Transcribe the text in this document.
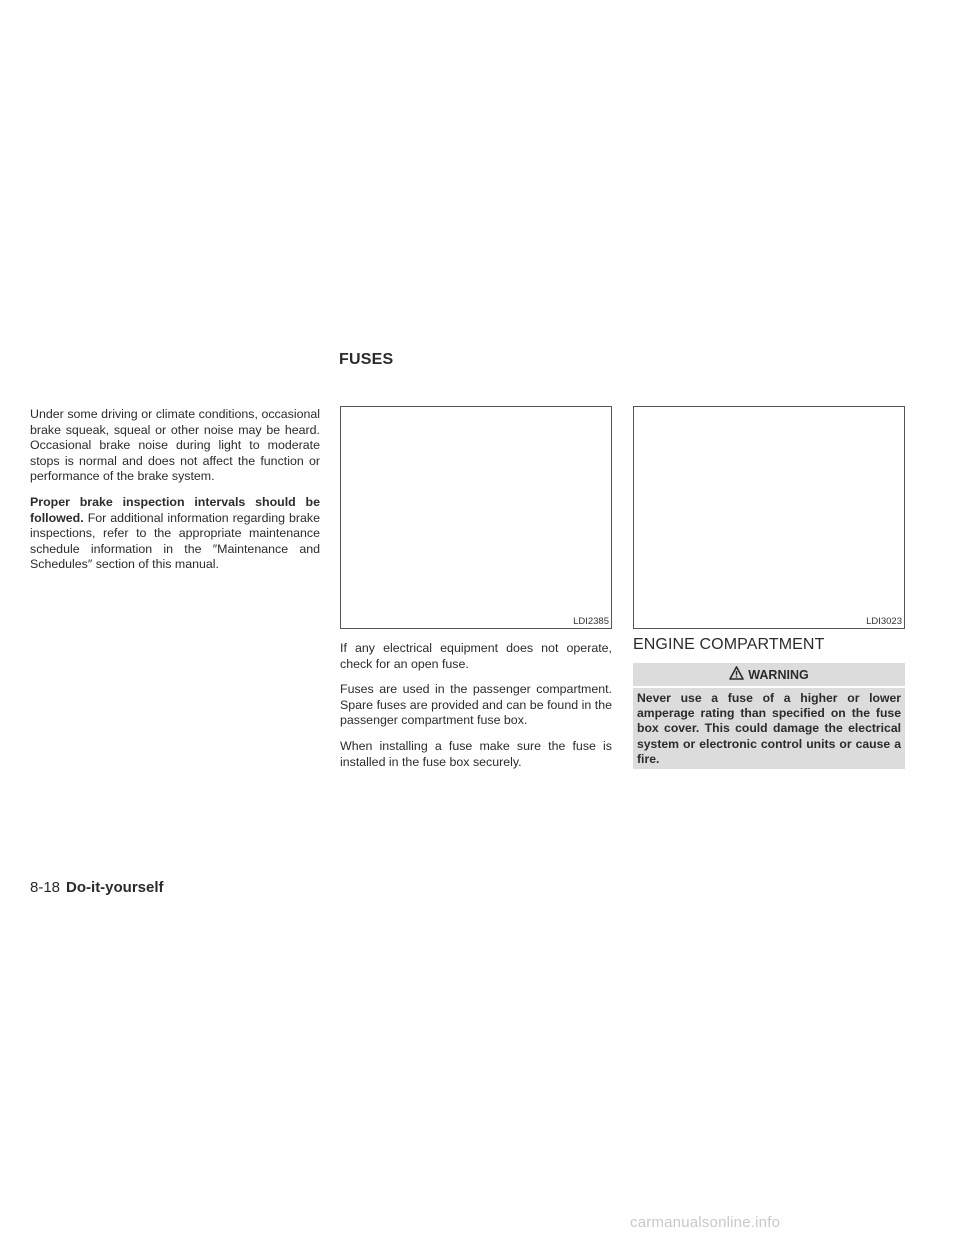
FUSES

Under some driving or climate conditions, occasional brake squeak, squeal or other noise may be heard. Occasional brake noise during light to moderate stops is normal and does not affect the function or performance of the brake system.

Proper brake inspection intervals should be followed. For additional information regarding brake inspections, refer to the appropriate maintenance schedule information in the ″Maintenance and Schedules″ section of this manual.

LDI2385	LDI3023

If any electrical equipment does not operate, check for an open fuse.

Fuses are used in the passenger compartment. Spare fuses are provided and can be found in the passenger compartment fuse box.

When installing a fuse make sure the fuse is installed in the fuse box securely.

ENGINE COMPARTMENT
WARNING

Never use a fuse of a higher or lower amperage rating than specified on the fuse box cover. This could damage the electrical system or electronic control units or cause a fire.

8-18 Do-it-yourself
carmanualsonline.info
